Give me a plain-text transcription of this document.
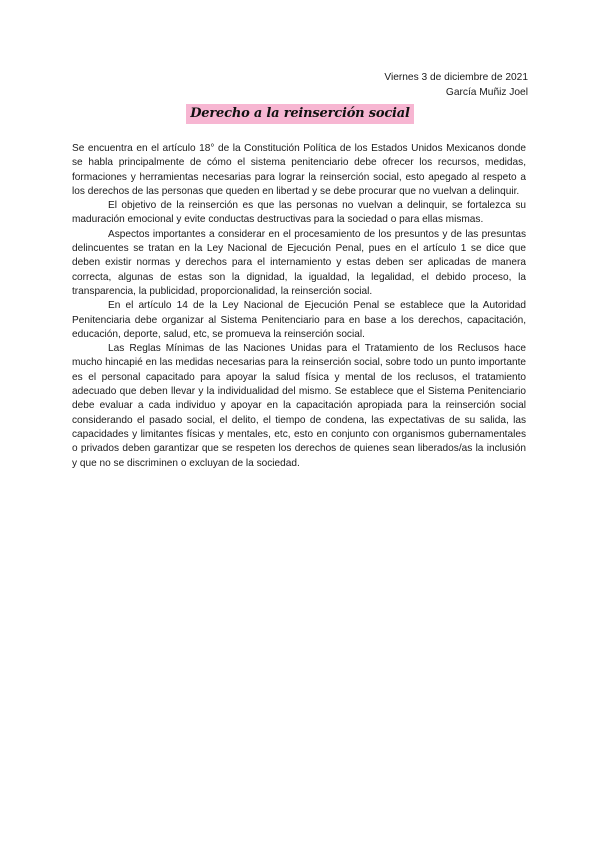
Viernes 3 de diciembre de 2021
García Muñiz Joel
Derecho a la reinserción social

Se encuentra en el artículo 18° de la Constitución Política de los Estados Unidos Mexicanos donde se habla principalmente de cómo el sistema penitenciario debe ofrecer los recursos, medidas, formaciones y herramientas necesarias para lograr la reinserción social, esto apegado al respeto a los derechos de las personas que queden en libertad y se debe procurar que no vuelvan a delinquir.

El objetivo de la reinserción es que las personas no vuelvan a delinquir, se fortalezca su maduración emocional y evite conductas destructivas para la sociedad o para ellas mismas.

Aspectos importantes a considerar en el procesamiento de los presuntos y de las presuntas delincuentes se tratan en la Ley Nacional de Ejecución Penal, pues en el artículo 1 se dice que deben existir normas y derechos para el internamiento y estas deben ser aplicadas de manera correcta, algunas de estas son la dignidad, la igualdad, la legalidad, el debido proceso, la transparencia, la publicidad, proporcionalidad, la reinserción social.

En el artículo 14 de la Ley Nacional de Ejecución Penal se establece que la Autoridad Penitenciaria debe organizar al Sistema Penitenciario para en base a los derechos, capacitación, educación, deporte, salud, etc, se promueva la reinserción social.

Las Reglas Mínimas de las Naciones Unidas para el Tratamiento de los Reclusos hace mucho hincapié en las medidas necesarias para la reinserción social, sobre todo un punto importante es el personal capacitado para apoyar la salud física y mental de los reclusos, el tratamiento adecuado que deben llevar y la individualidad del mismo. Se establece que el Sistema Penitenciario debe evaluar a cada individuo y apoyar en la capacitación apropiada para la reinserción social considerando el pasado social, el delito, el tiempo de condena, las expectativas de su salida, las capacidades y limitantes físicas y mentales, etc, esto en conjunto con organismos gubernamentales o privados deben garantizar que se respeten los derechos de quienes sean liberados/as la inclusión y que no se discriminen o excluyan de la sociedad.
